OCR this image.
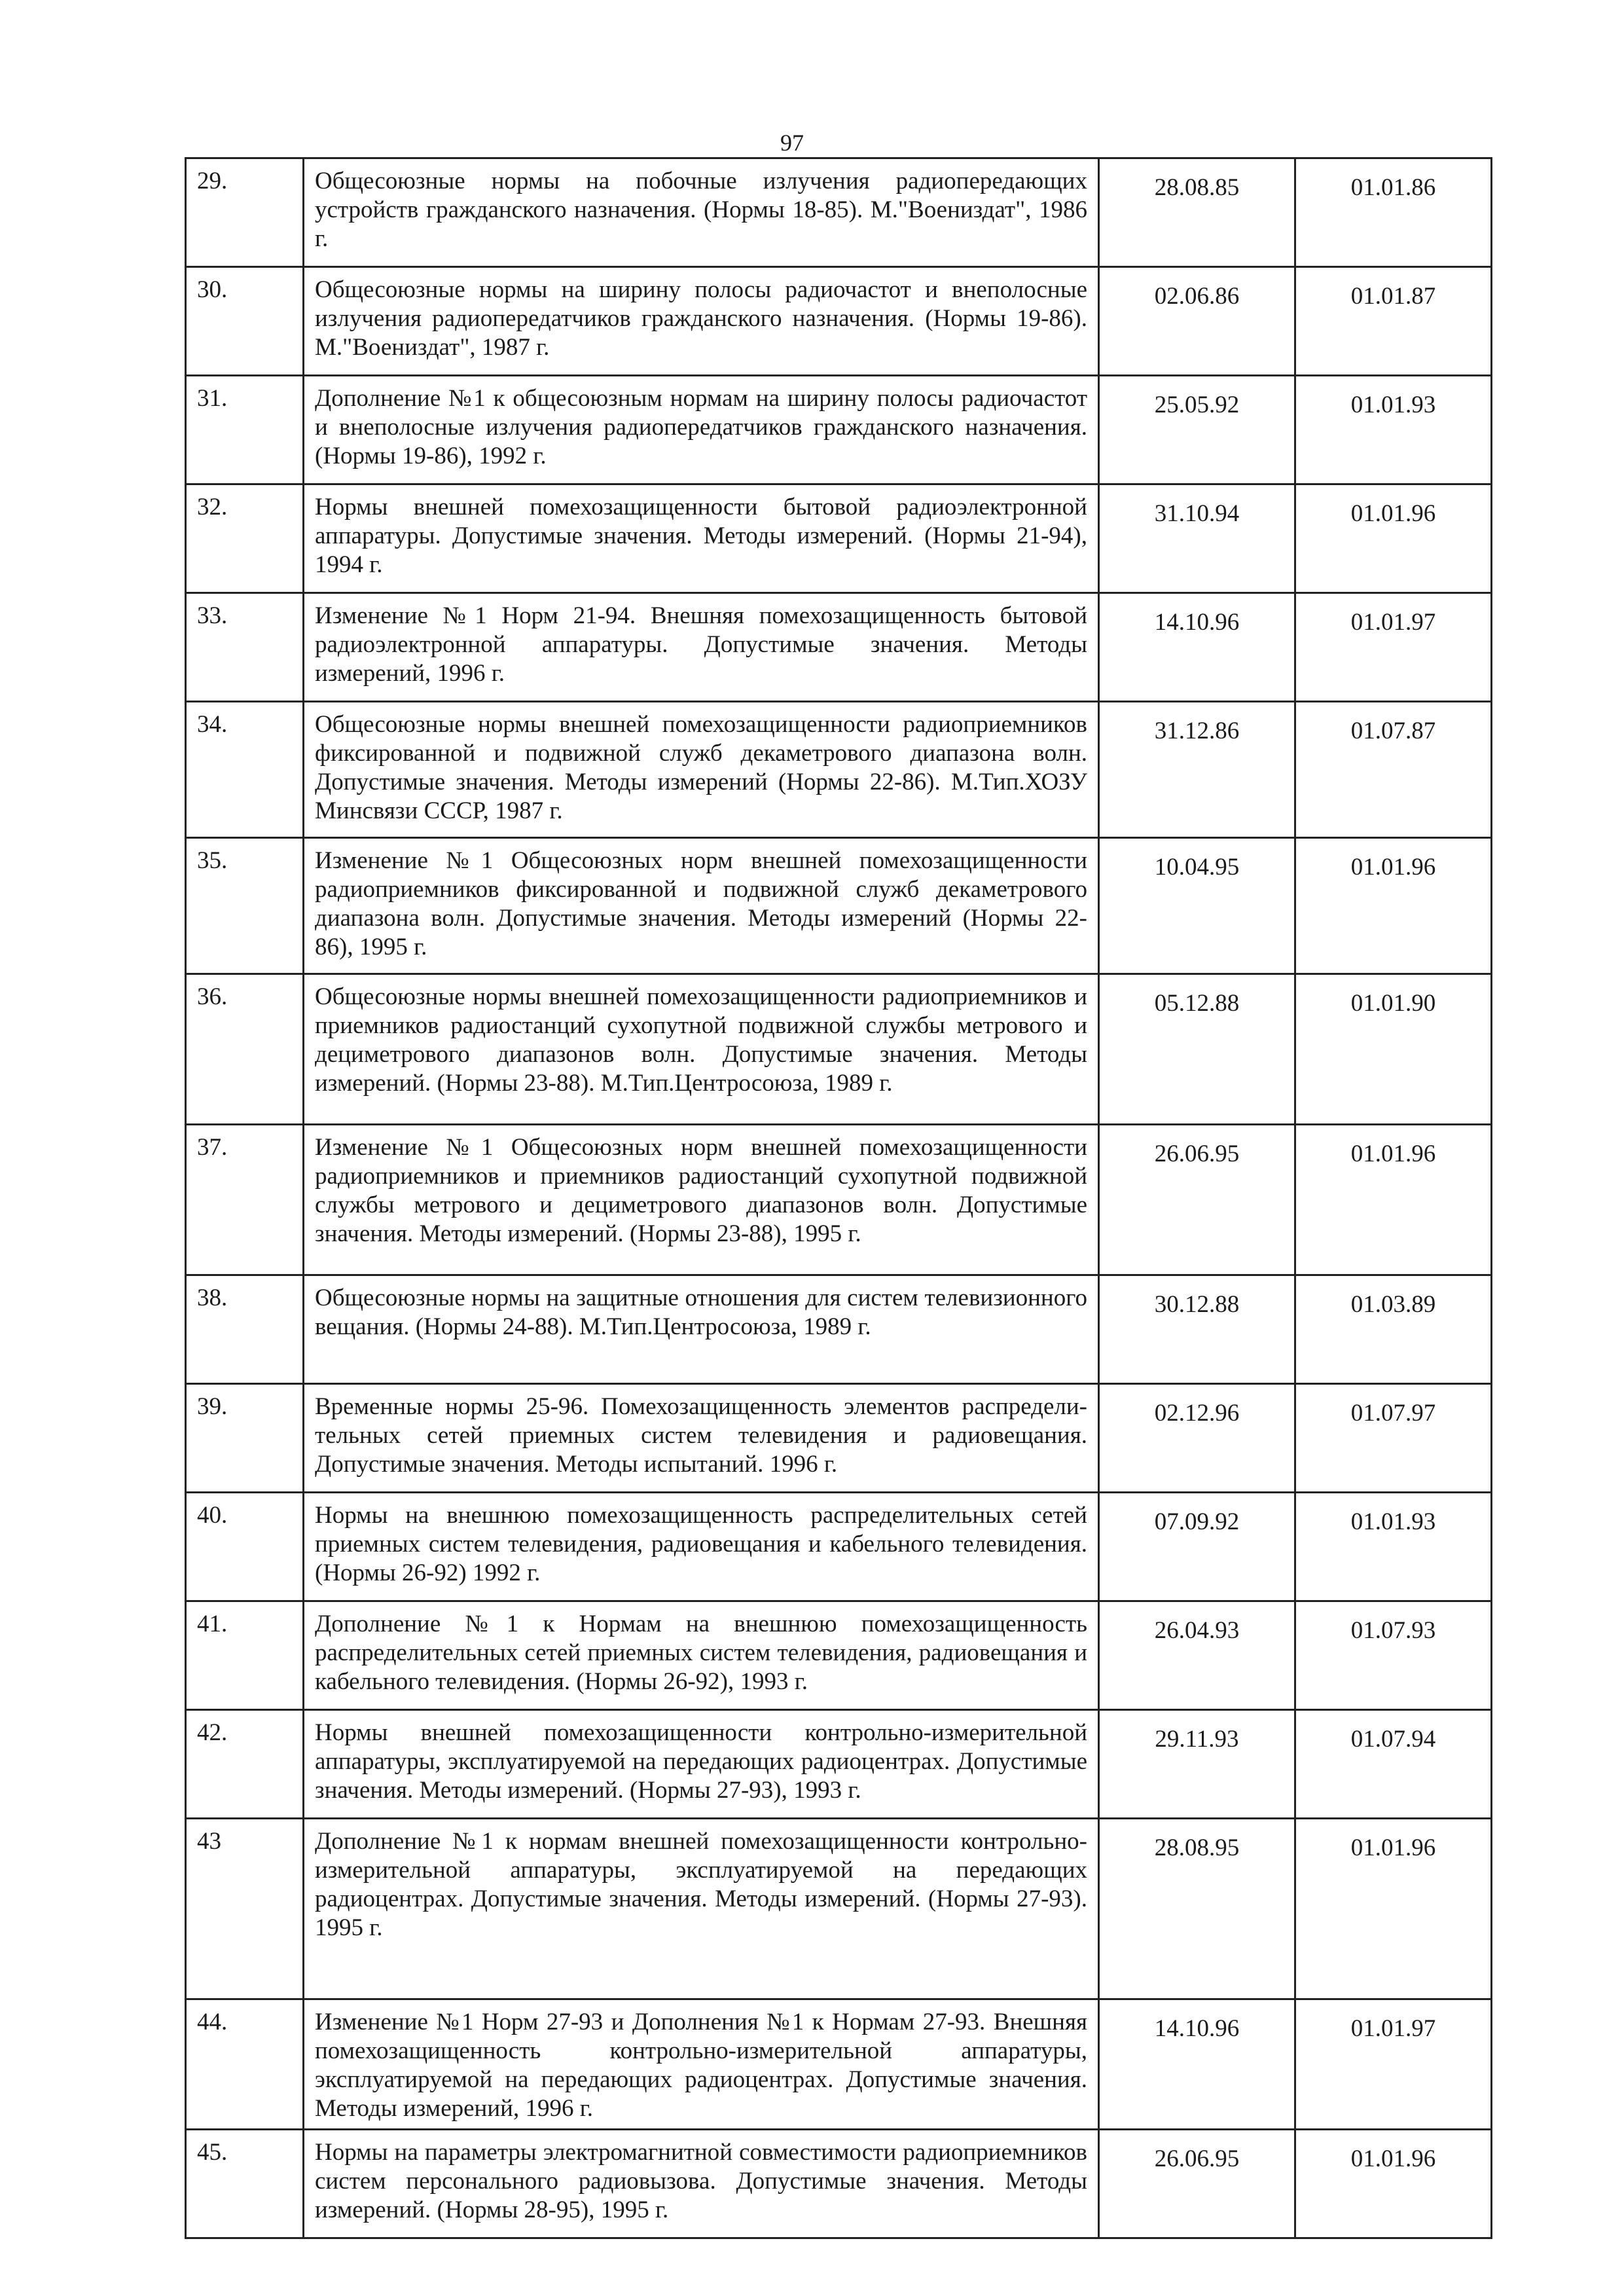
97
29.	Общесоюзные нормы на побочные излучения радиопередающих устройств гражданского назначения. (Нормы 18-85). М."Воениздат", 1986 г.	28.08.85	01.01.86

30.	Общесоюзные нормы на ширину полосы радиочастот и внеполосные излучения радиопередатчиков гражданского назначения. (Нормы 19-86). М."Воениздат", 1987 г.	02.06.86	01.01.87

31.	Дополнение №1 к общесоюзным нормам на ширину полосы радиочастот и внеполосные излучения радиопередатчиков гражданского назначения. (Нормы 19-86), 1992 г.	25.05.92	01.01.93

32.	Нормы внешней помехозащищенности бытовой радиоэлектронной аппаратуры. Допустимые значения. Методы измерений. (Нормы 21-94), 1994 г.	31.10.94	01.01.96

33.	Изменение №1 Норм 21-94. Внешняя помехозащищенность бытовой радиоэлектронной аппаратуры. Допустимые значения. Методы измерений, 1996 г.	14.10.96	01.01.97

34.	Общесоюзные нормы внешней помехозащищенности радиоприемников фиксированной и подвижной служб декаметрового диапазона волн. Допустимые значения. Методы измерений (Нормы 22-86). М.Тип.ХОЗУ Минсвязи СССР, 1987 г.	31.12.86	01.07.87

35.	Изменение №1 Общесоюзных норм внешней помехозащищенности радиоприемников фиксированной и подвижной служб декаметрового диапазона волн. Допустимые значения. Методы измерений (Нормы 22-86), 1995 г.	10.04.95	01.01.96

36.	Общесоюзные нормы внешней помехозащищенности радиоприемников и приемников радиостанций сухопутной подвижной службы метрового и дециметрового диапазонов волн. Допустимые значения. Методы измерений. (Нормы 23-88). М.Тип.Центросоюза, 1989 г.	05.12.88	01.01.90

37.	Изменение №1 Общесоюзных норм внешней помехозащищенности радиоприемников и приемников радиостанций сухопутной подвижной службы метрового и дециметрового диапазонов волн. Допустимые значения. Методы измерений. (Нормы 23-88), 1995 г.	26.06.95	01.01.96

38.	Общесоюзные нормы на защитные отношения для систем телевизионного вещания. (Нормы 24-88). М.Тип.Центросоюза, 1989 г.	30.12.88	01.03.89

39.	Временные нормы 25-96. Помехозащищенность элементов распредели-тельных сетей приемных систем телевидения и радиовещания. Допустимые значения. Методы испытаний. 1996 г.	02.12.96	01.07.97

40.	Нормы на внешнюю помехозащищенность распределительных сетей приемных систем телевидения, радиовещания и кабельного телевидения. (Нормы 26-92) 1992 г.	07.09.92	01.01.93

41.	Дополнение №1 к Нормам на внешнюю помехозащищенность распределительных сетей приемных систем телевидения, радиовещания и кабельного телевидения. (Нормы 26-92), 1993 г.	26.04.93	01.07.93

42.	Нормы внешней помехозащищенности контрольно-измерительной аппаратуры, эксплуатируемой на передающих радиоцентрах. Допустимые значения. Методы измерений. (Нормы 27-93), 1993 г.	29.11.93	01.07.94

43	Дополнение №1 к нормам внешней помехозащищенности контрольно-измерительной аппаратуры, эксплуатируемой на передающих радиоцентрах. Допустимые значения. Методы измерений. (Нормы 27-93). 1995 г.	28.08.95	01.01.96

44.	Изменение №1 Норм 27-93 и Дополнения №1 к Нормам 27-93. Внешняя помехозащищенность контрольно-измерительной аппаратуры, эксплуатируемой на передающих радиоцентрах. Допустимые значения. Методы измерений, 1996 г.	14.10.96	01.01.97

45.	Нормы на параметры электромагнитной совместимости радиоприемников систем персонального радиовызова. Допустимые значения. Методы измерений. (Нормы 28-95), 1995 г.	26.06.95	01.01.96
